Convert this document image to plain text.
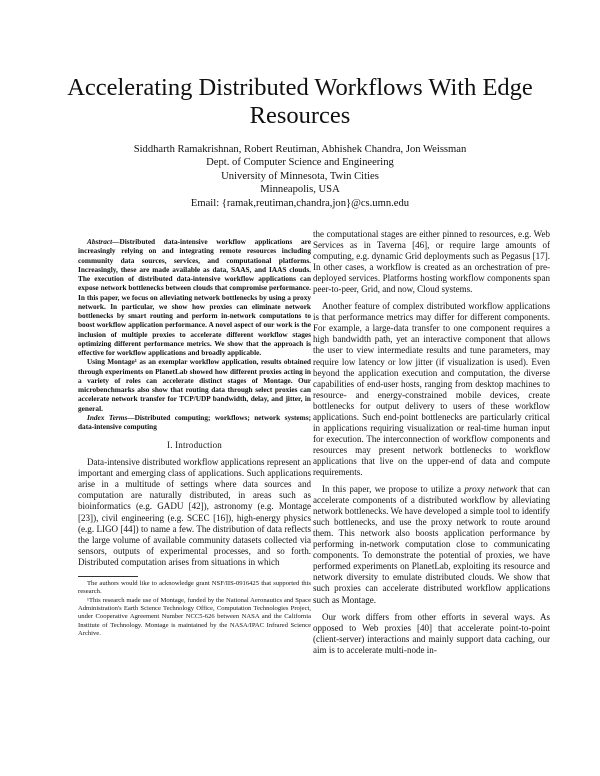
Accelerating Distributed Workflows With Edge Resources
Siddharth Ramakrishnan, Robert Reutiman, Abhishek Chandra, Jon Weissman
Dept. of Computer Science and Engineering
University of Minnesota, Twin Cities
Minneapolis, USA
Email: {ramak,reutiman,chandra,jon}@cs.umn.edu

Abstract—Distributed data-intensive workflow applications are increasingly relying on and integrating remote resources including community data sources, services, and computational platforms. Increasingly, these are made available as data, SAAS, and IAAS clouds. The execution of distributed data-intensive workflow applications can expose network bottlenecks between clouds that compromise performance. In this paper, we focus on alleviating network bottlenecks by using a proxy network. In particular, we show how proxies can eliminate network bottlenecks by smart routing and perform in-network computations to boost workflow application performance. A novel aspect of our work is the inclusion of multiple proxies to accelerate different workflow stages optimizing different performance metrics. We show that the approach is effective for workflow applications and broadly applicable.

Using Montage¹ as an exemplar workflow application, results obtained through experiments on PlanetLab showed how different proxies acting in a variety of roles can accelerate distinct stages of Montage. Our microbenchmarks also show that routing data through select proxies can accelerate network transfer for TCP/UDP bandwidth, delay, and jitter, in general.

Index Terms—Distributed computing; workflows; network systems; data-intensive computing

I. Introduction

Data-intensive distributed workflow applications represent an important and emerging class of applications. Such applications arise in a multitude of settings where data sources and computation are naturally distributed, in areas such as bioinformatics (e.g. GADU [42]), astronomy (e.g. Montage [23]), civil engineering (e.g. SCEC [16]), high-energy physics (e.g. LIGO [44]) to name a few. The distribution of data reflects the large volume of available community datasets collected via sensors, outputs of experimental processes, and so forth. Distributed computation arises from situations in which

The authors would like to acknowledge grant NSF/IIS-0916425 that supported this research.

¹This research made use of Montage, funded by the National Aeronautics and Space Administration's Earth Science Technology Office, Computation Technologies Project, under Cooperative Agreement Number NCC5-626 between NASA and the California Institute of Technology. Montage is maintained by the NASA/IPAC Infrared Science Archive.

the computational stages are either pinned to resources, e.g. Web Services as in Taverna [46], or require large amounts of computing, e.g. dynamic Grid deployments such as Pegasus [17]. In other cases, a workflow is created as an orchestration of pre-deployed services. Platforms hosting workflow components span peer-to-peer, Grid, and now, Cloud systems.

Another feature of complex distributed workflow applications is that performance metrics may differ for different components. For example, a large-data transfer to one component requires a high bandwidth path, yet an interactive component that allows the user to view intermediate results and tune parameters, may require low latency or low jitter (if visualization is used). Even beyond the application execution and computation, the diverse capabilities of end-user hosts, ranging from desktop machines to resource- and energy-constrained mobile devices, create bottlenecks for output delivery to users of these workflow applications. Such end-point bottlenecks are particularly critical in applications requiring visualization or real-time human input for execution. The interconnection of workflow components and resources may present network bottlenecks to workflow applications that live on the upper-end of data and compute requirements.

In this paper, we propose to utilize a proxy network that can accelerate components of a distributed workflow by alleviating network bottlenecks. We have developed a simple tool to identify such bottlenecks, and use the proxy network to route around them. This network also boosts application performance by performing in-network computation close to communicating components. To demonstrate the potential of proxies, we have performed experiments on PlanetLab, exploiting its resource and network diversity to emulate distributed clouds. We show that such proxies can accelerate distributed workflow applications such as Montage.

Our work differs from other efforts in several ways. As opposed to Web proxies [40] that accelerate point-to-point (client-server) interactions and mainly support data caching, our aim is to accelerate multi-node in-
